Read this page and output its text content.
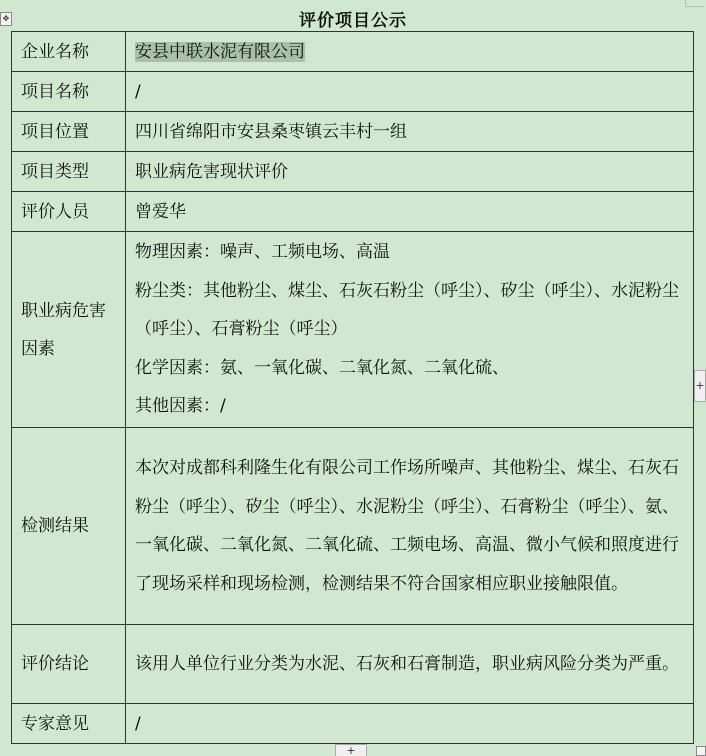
✥	评价项目公示
企业名称	安县中联水泥有限公司
项目名称	/
项目位置	四川省绵阳市安县桑枣镇云丰村一组
项目类型	职业病危害现状评价
评价人员	曾爱华
职业病危害
因素	物理因素：噪声、工频电场、高温
粉尘类：其他粉尘、煤尘、石灰石粉尘（呼尘）、矽尘（呼尘）、水泥粉尘（呼尘）、石膏粉尘（呼尘）
化学因素：氨、一氧化碳、二氧化氮、二氧化硫、
其他因素：/

检测结果	本次对成都科利隆生化有限公司工作场所噪声、其他粉尘、煤尘、石灰石粉尘（呼尘）、矽尘（呼尘）、水泥粉尘（呼尘）、石膏粉尘（呼尘）、氨、一氧化碳、二氧化氮、二氧化硫、工频电场、高温、微小气候和照度进行了现场采样和现场检测，检测结果不符合国家相应职业接触限值。

评价结论	该用人单位行业分类为水泥、石灰和石膏制造，职业病风险分类为严重。

专家意见	/
+
+
